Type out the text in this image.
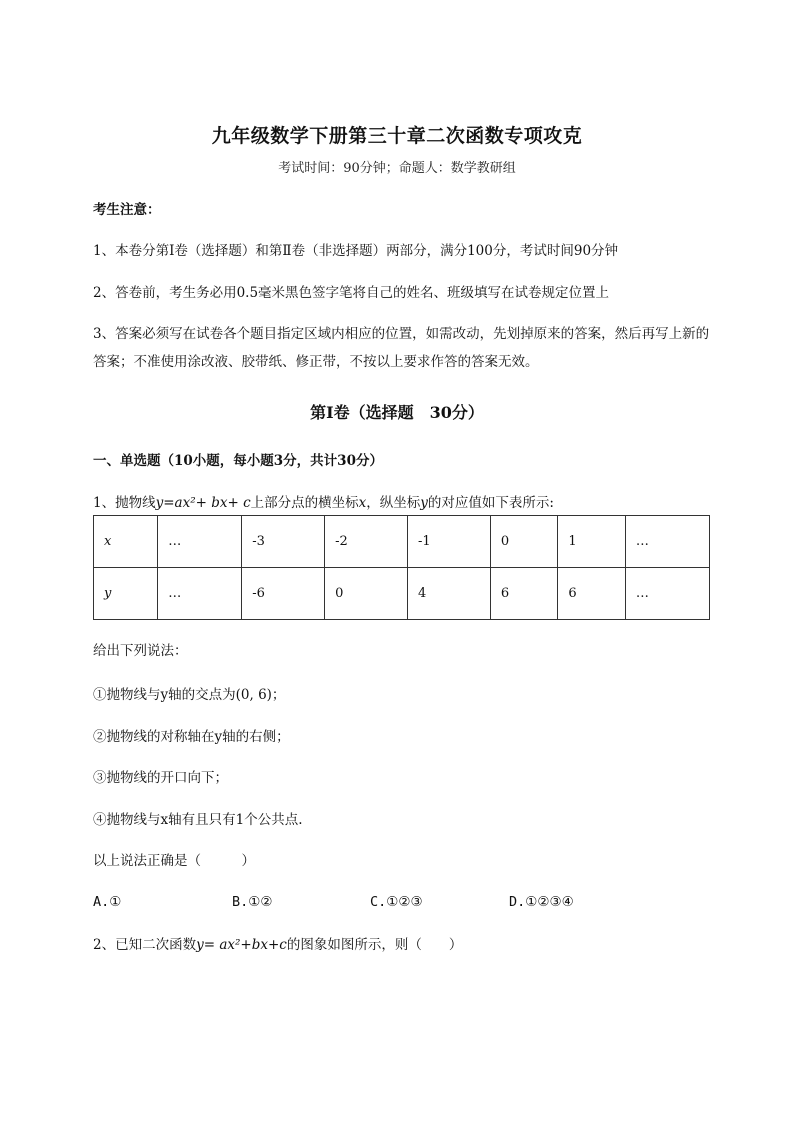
九年级数学下册第三十章二次函数专项攻克
考试时间：90分钟；命题人：数学教研组
考生注意：
1、本卷分第Ⅰ卷（选择题）和第Ⅱ卷（非选择题）两部分，满分100分，考试时间90分钟
2、答卷前，考生务必用0.5毫米黑色签字笔将自己的姓名、班级填写在试卷规定位置上
3、答案必须写在试卷各个题目指定区域内相应的位置，如需改动，先划掉原来的答案，然后再写上新的答案；不准使用涂改液、胶带纸、修正带，不按以上要求作答的答案无效。
第Ⅰ卷（选择题　30分）
一、单选题（10小题，每小题3分，共计30分）
1、抛物线y=ax²+ bx+ c上部分点的横坐标x，纵坐标y的对应值如下表所示:
x	…	-3	-2	-1	0	1	…
y	…	-6	0	4	6	6	…
给出下列说法：
①抛物线与y轴的交点为(0, 6)；
②抛物线的对称轴在y轴的右侧；
③抛物线的开口向下；
④抛物线与x轴有且只有1个公共点.
以上说法正确是（　　　）
A.①	B.①②	C.①②③	D.①②③④
2、已知二次函数y= ax²+bx+c的图象如图所示，则（　　）
